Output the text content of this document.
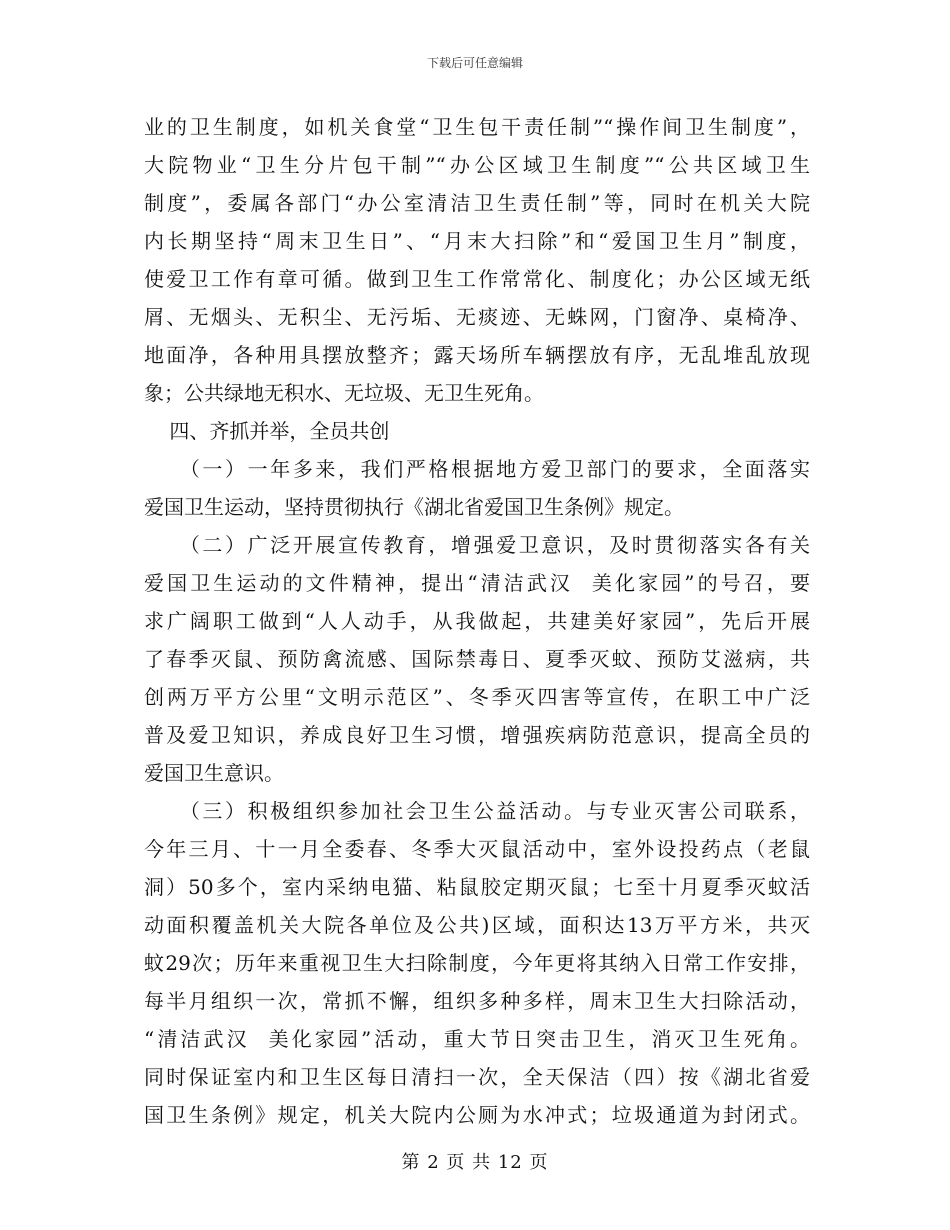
下载后可任意编辑
业的卫生制度，如机关食堂“卫生包干责任制”“操作间卫生制度”，
大院物业“卫生分片包干制”“办公区域卫生制度”“公共区域卫生
制度”，委属各部门“办公室清洁卫生责任制”等，同时在机关大院
内长期坚持“周末卫生日”、“月末大扫除”和“爱国卫生月”制度，
使爱卫工作有章可循。做到卫生工作常常化、制度化；办公区域无纸
屑、无烟头、无积尘、无污垢、无痰迹、无蛛网，门窗净、桌椅净、
地面净，各种用具摆放整齐；露天场所车辆摆放有序，无乱堆乱放现
象；公共绿地无积水、无垃圾、无卫生死角。
四、齐抓并举，全员共创
（一）一年多来，我们严格根据地方爱卫部门的要求，全面落实
爱国卫生运动，坚持贯彻执行《湖北省爱国卫生条例》规定。
（二）广泛开展宣传教育，增强爱卫意识，及时贯彻落实各有关
爱国卫生运动的文件精神，提出“清洁武汉  美化家园”的号召，要
求广阔职工做到“人人动手，从我做起，共建美好家园”，先后开展
了春季灭鼠、预防禽流感、国际禁毒日、夏季灭蚊、预防艾滋病，共
创两万平方公里“文明示范区”、冬季灭四害等宣传，在职工中广泛
普及爱卫知识，养成良好卫生习惯，增强疾病防范意识，提高全员的
爱国卫生意识。
（三）积极组织参加社会卫生公益活动。与专业灭害公司联系，
今年三月、十一月全委春、冬季大灭鼠活动中，室外设投药点（老鼠
洞）50多个，室内采纳电猫、粘鼠胶定期灭鼠；七至十月夏季灭蚊活
动面积覆盖机关大院各单位及公共)区域，面积达13万平方米，共灭
蚊29次；历年来重视卫生大扫除制度，今年更将其纳入日常工作安排，
每半月组织一次，常抓不懈，组织多种多样，周末卫生大扫除活动，
“清洁武汉  美化家园”活动，重大节日突击卫生，消灭卫生死角。
同时保证室内和卫生区每日清扫一次，全天保洁（四）按《湖北省爱
国卫生条例》规定，机关大院内公厕为水冲式；垃圾通道为封闭式。
第 2 页 共 12 页
